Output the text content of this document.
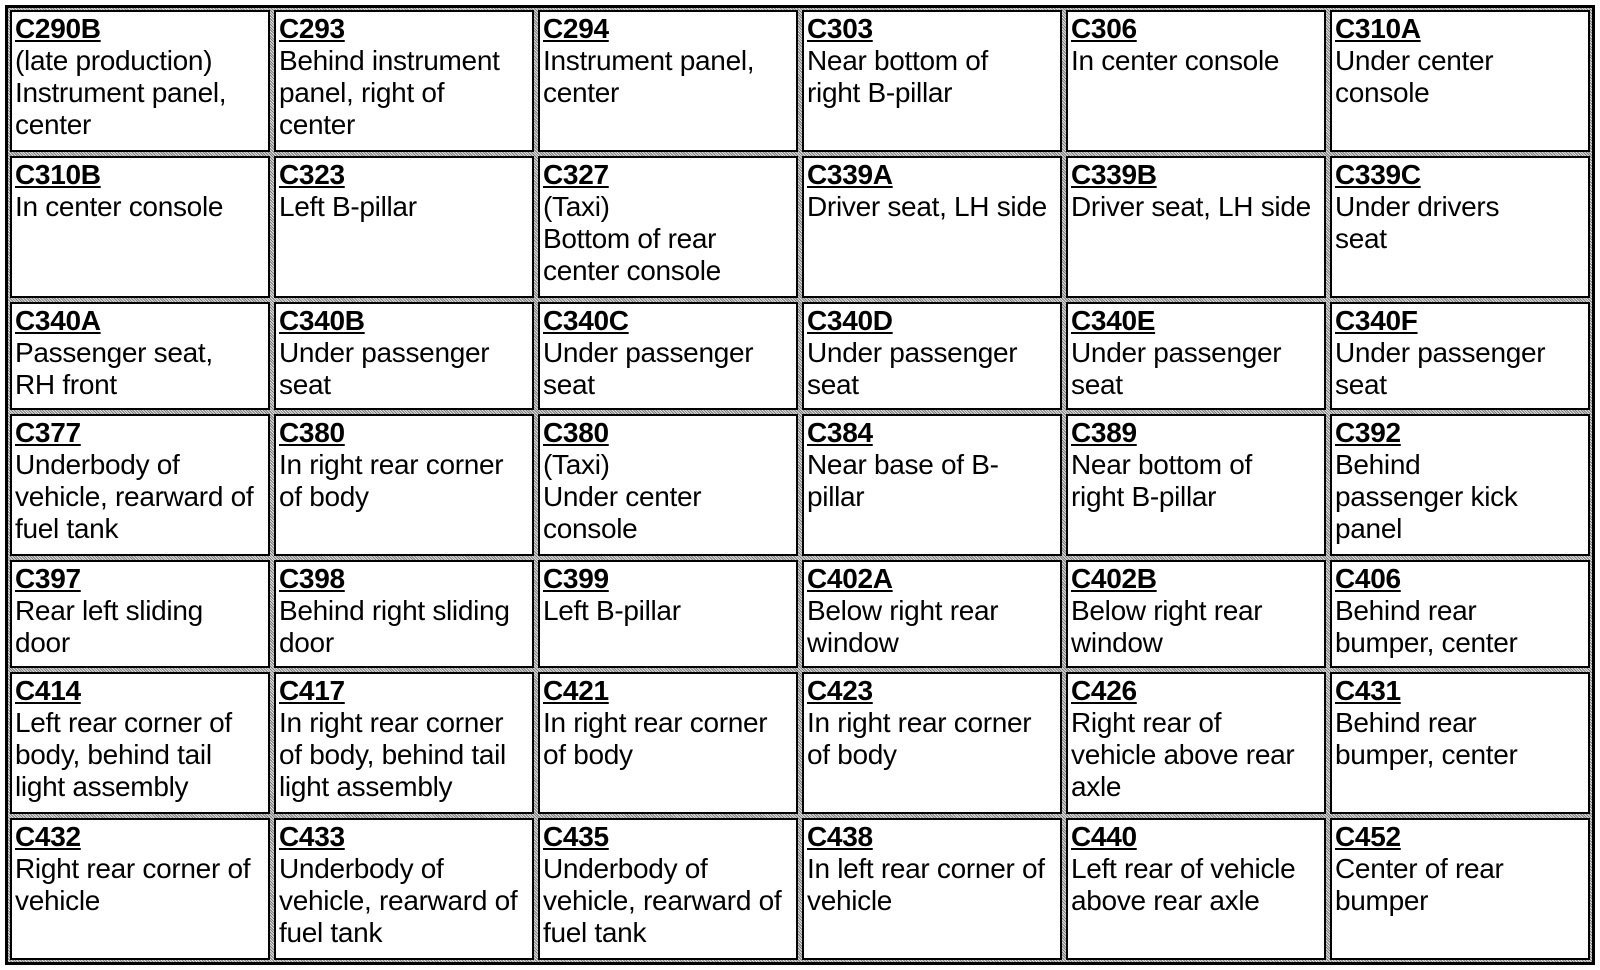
C290B
(late production)
Instrument panel,
center
C293
Behind instrument
panel, right of
center
C294
Instrument panel,
center
C303
Near bottom of
right B-pillar
C306
In center console
C310A
Under center
console
C310B
In center console
C323
Left B-pillar
C327
(Taxi)
Bottom of rear
center console
C339A
Driver seat, LH side
C339B
Driver seat, LH side
C339C
Under drivers
seat
C340A
Passenger seat,
RH front
C340B
Under passenger
seat
C340C
Under passenger
seat
C340D
Under passenger
seat
C340E
Under passenger
seat
C340F
Under passenger
seat
C377
Underbody of
vehicle, rearward of
fuel tank
C380
In right rear corner
of body
C380
(Taxi)
Under center
console
C384
Near base of B-
pillar
C389
Near bottom of
right B-pillar
C392
Behind
passenger kick
panel
C397
Rear left sliding
door
C398
Behind right sliding
door
C399
Left B-pillar
C402A
Below right rear
window
C402B
Below right rear
window
C406
Behind rear
bumper, center
C414
Left rear corner of
body, behind tail
light assembly
C417
In right rear corner
of body, behind tail
light assembly
C421
In right rear corner
of body
C423
In right rear corner
of body
C426
Right rear of
vehicle above rear
axle
C431
Behind rear
bumper, center
C432
Right rear corner of
vehicle
C433
Underbody of
vehicle, rearward of
fuel tank
C435
Underbody of
vehicle, rearward of
fuel tank
C438
In left rear corner of
vehicle
C440
Left rear of vehicle
above rear axle
C452
Center of rear
bumper
